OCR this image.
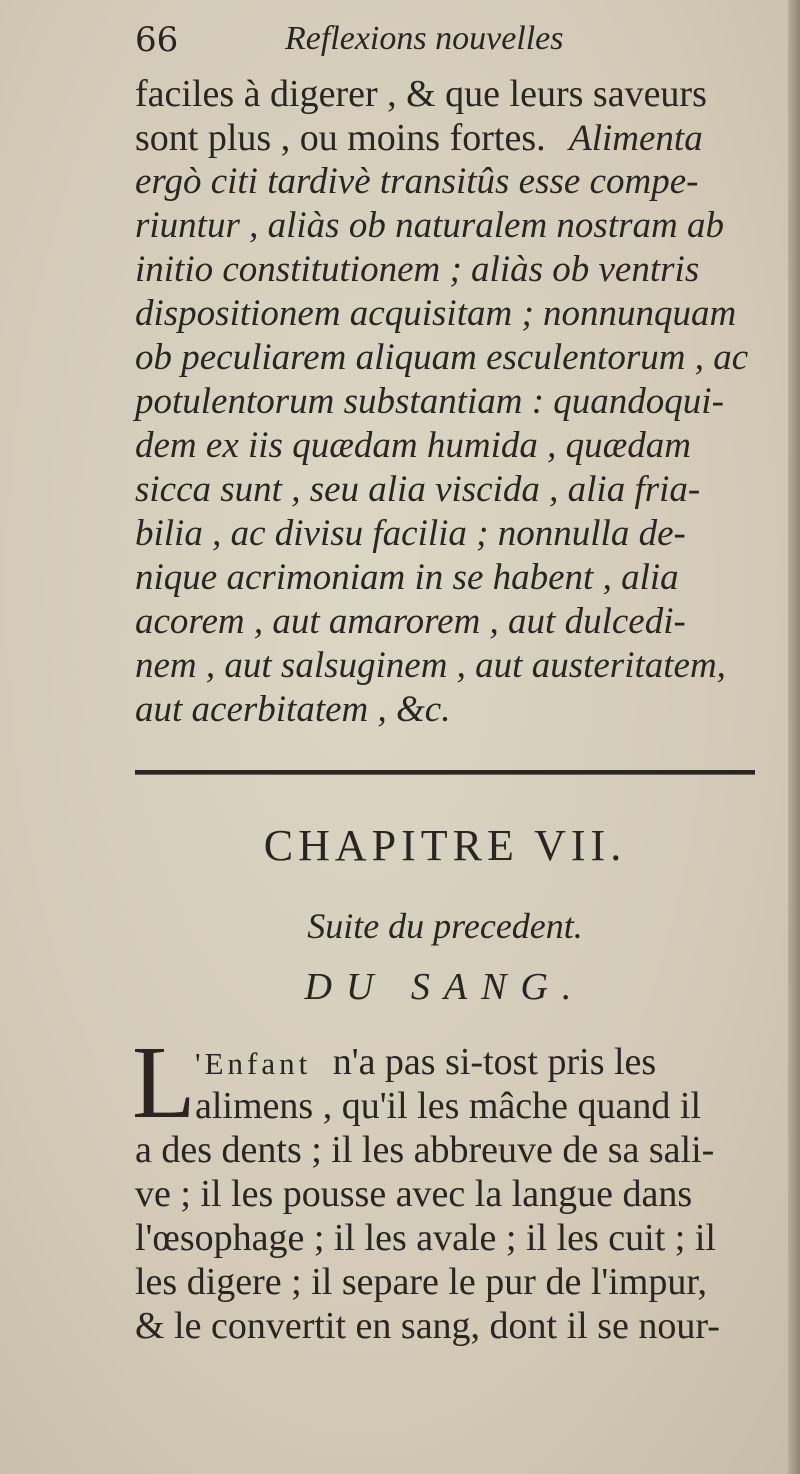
66	Reflexions nouvelles
faciles à digerer , & que leurs saveurs
sont plus , ou moins fortes. Alimenta
ergò citi tardivè transitûs esse compe-
riuntur , aliàs ob naturalem nostram ab
initio constitutionem ; aliàs ob ventris
dispositionem acquisitam ; nonnunquam
ob peculiarem aliquam esculentorum , ac
potulentorum substantiam : quandoqui-
dem ex iis quædam humida , quædam
sicca sunt , seu alia viscida , alia fria-
bilia , ac divisu facilia ; nonnulla de-
nique acrimoniam in se habent , alia
acorem , aut amarorem , aut dulcedi-
nem , aut salsuginem , aut austeritatem,
aut acerbitatem , &c.
CHAPITRE VII.
Suite du precedent.
DU SANG.
L 'Enfant n'a pas si-tost pris les
alimens , qu'il les mâche quand il
a des dents ; il les abbreuve de sa sali-
ve ; il les pousse avec la langue dans
l'œsophage ; il les avale ; il les cuit ; il
les digere ; il separe le pur de l'impur,
& le convertit en sang, dont il se nour-
